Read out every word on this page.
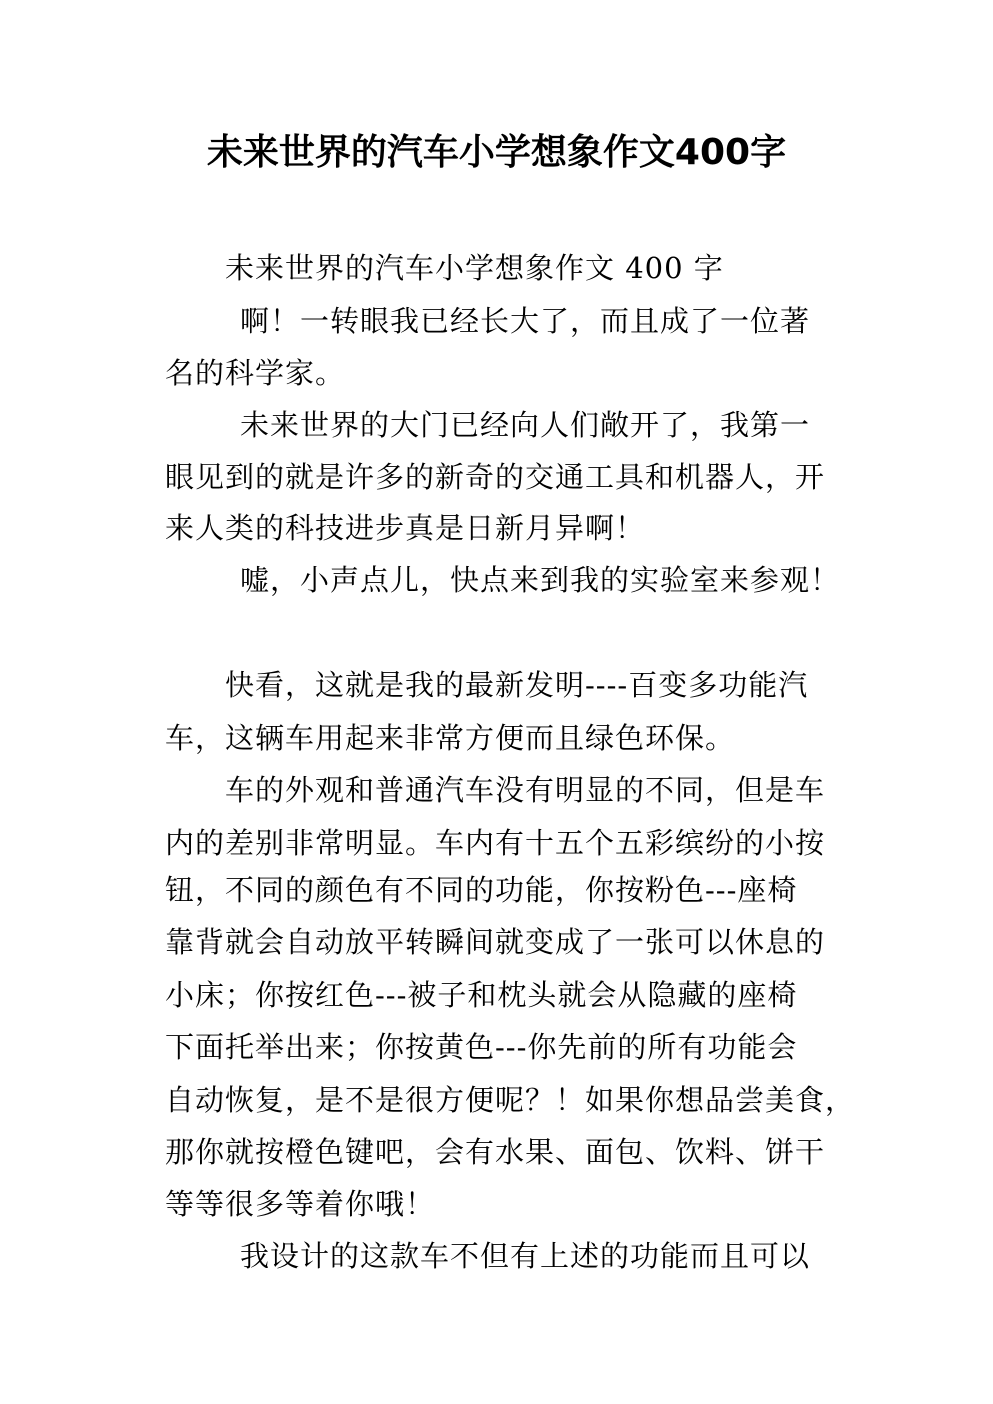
未来世界的汽车小学想象作文400字
未来世界的汽车小学想象作文 400 字
啊！一转眼我已经长大了，而且成了一位著
名的科学家。
未来世界的大门已经向人们敞开了，我第一
眼见到的就是许多的新奇的交通工具和机器人，开
来人类的科技进步真是日新月异啊！
嘘，小声点儿，快点来到我的实验室来参观！
快看，这就是我的最新发明----百变多功能汽
车，这辆车用起来非常方便而且绿色环保。
车的外观和普通汽车没有明显的不同，但是车
内的差别非常明显。车内有十五个五彩缤纷的小按
钮，不同的颜色有不同的功能，你按粉色---座椅
靠背就会自动放平转瞬间就变成了一张可以休息的
小床；你按红色---被子和枕头就会从隐藏的座椅
下面托举出来；你按黄色---你先前的所有功能会
自动恢复，是不是很方便呢？！如果你想品尝美食，
那你就按橙色键吧，会有水果、面包、饮料、饼干
等等很多等着你哦！
我设计的这款车不但有上述的功能而且可以
